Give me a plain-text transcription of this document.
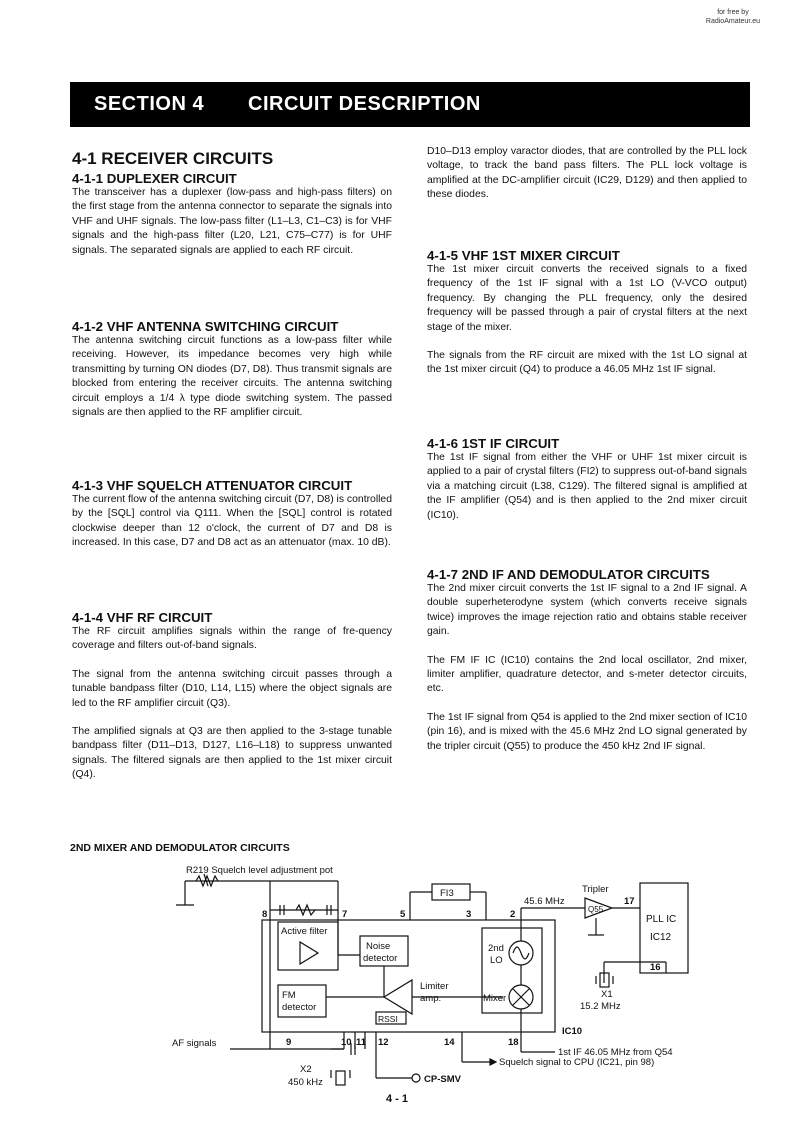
for free by
RadioAmateur.eu
SECTION 4 CIRCUIT DESCRIPTION
4-1 RECEIVER CIRCUITS
4-1-1 DUPLEXER CIRCUIT

The transceiver has a duplexer (low-pass and high-pass filters) on the first stage from the antenna connector to separate the signals into VHF and UHF signals. The low-pass filter (L1–L3, C1–C3) is for VHF signals and the high-pass filter (L20, L21, C75–C77) is for UHF signals. The separated signals are applied to each RF circuit.

4-1-2 VHF ANTENNA SWITCHING CIRCUIT

The antenna switching circuit functions as a low-pass filter while receiving. However, its impedance becomes very high while transmitting by turning ON diodes (D7, D8). Thus transmit signals are blocked from entering the receiver circuits. The antenna switching circuit employs a 1/4 λ type diode switching system. The passed signals are then applied to the RF amplifier circuit.

4-1-3 VHF SQUELCH ATTENUATOR CIRCUIT

The current flow of the antenna switching circuit (D7, D8) is controlled by the [SQL] control via Q111. When the [SQL] control is rotated clockwise deeper than 12 o'clock, the current of D7 and D8 is increased. In this case, D7 and D8 act as an attenuator (max. 10 dB).

4-1-4 VHF RF CIRCUIT

The RF circuit amplifies signals within the range of fre-quency coverage and filters out-of-band signals.

The signal from the antenna switching circuit passes through a tunable bandpass filter (D10, L14, L15) where the object signals are led to the RF amplifier circuit (Q3).

The amplified signals at Q3 are then applied to the 3-stage tunable bandpass filter (D11–D13, D127, L16–L18) to suppress unwanted signals. The filtered signals are then applied to the 1st mixer circuit (Q4).

D10–D13 employ varactor diodes, that are controlled by the PLL lock voltage, to track the band pass filters. The PLL lock voltage is amplified at the DC-amplifier circuit (IC29, D129) and then applied to these diodes.

4-1-5 VHF 1ST MIXER CIRCUIT

The 1st mixer circuit converts the received signals to a fixed frequency of the 1st IF signal with a 1st LO (V-VCO output) frequency. By changing the PLL frequency, only the desired frequency will be passed through a pair of crystal filters at the next stage of the mixer.

The signals from the RF circuit are mixed with the 1st LO signal at the 1st mixer circuit (Q4) to produce a 46.05 MHz 1st IF signal.

4-1-6 1ST IF CIRCUIT

The 1st IF signal from either the VHF or UHF 1st mixer circuit is applied to a pair of crystal filters (FI2) to suppress out-of-band signals via a matching circuit (L38, C129). The filtered signal is amplified at the IF amplifier (Q54) and is then applied to the 2nd mixer circuit (IC10).

4-1-7 2ND IF AND DEMODULATOR CIRCUITS

The 2nd mixer circuit converts the 1st IF signal to a 2nd IF signal. A double superheterodyne system (which converts receive signals twice) improves the image rejection ratio and obtains stable receiver gain.

The FM IF IC (IC10) contains the 2nd local oscillator, 2nd mixer, limiter amplifier, quadrature detector, and s-meter detector circuits, etc.

The 1st IF signal from Q54 is applied to the 2nd mixer section of IC10 (pin 16), and is mixed with the 45.6 MHz 2nd LO signal generated by the tripler circuit (Q55) to produce the 450 kHz 2nd IF signal.

2ND MIXER AND DEMODULATOR CIRCUITS
R219 Squelch level adjustment pot
FI3
45.6 MHz
Tripler
Q55
PLL IC
IC12
Active filter
Noise
detector
2nd
LO
FM
detector
Limiter
amp.	Mixer
RSSI
X1
15.2 MHz
IC10
AF signals
X2
450 kHz	CP-SMV
1st IF 46.05 MHz from Q54
Squelch signal to CPU (IC21, pin 98)
8	7	5	3	2
17
16
9	10 11 12	14	18
4 - 1
